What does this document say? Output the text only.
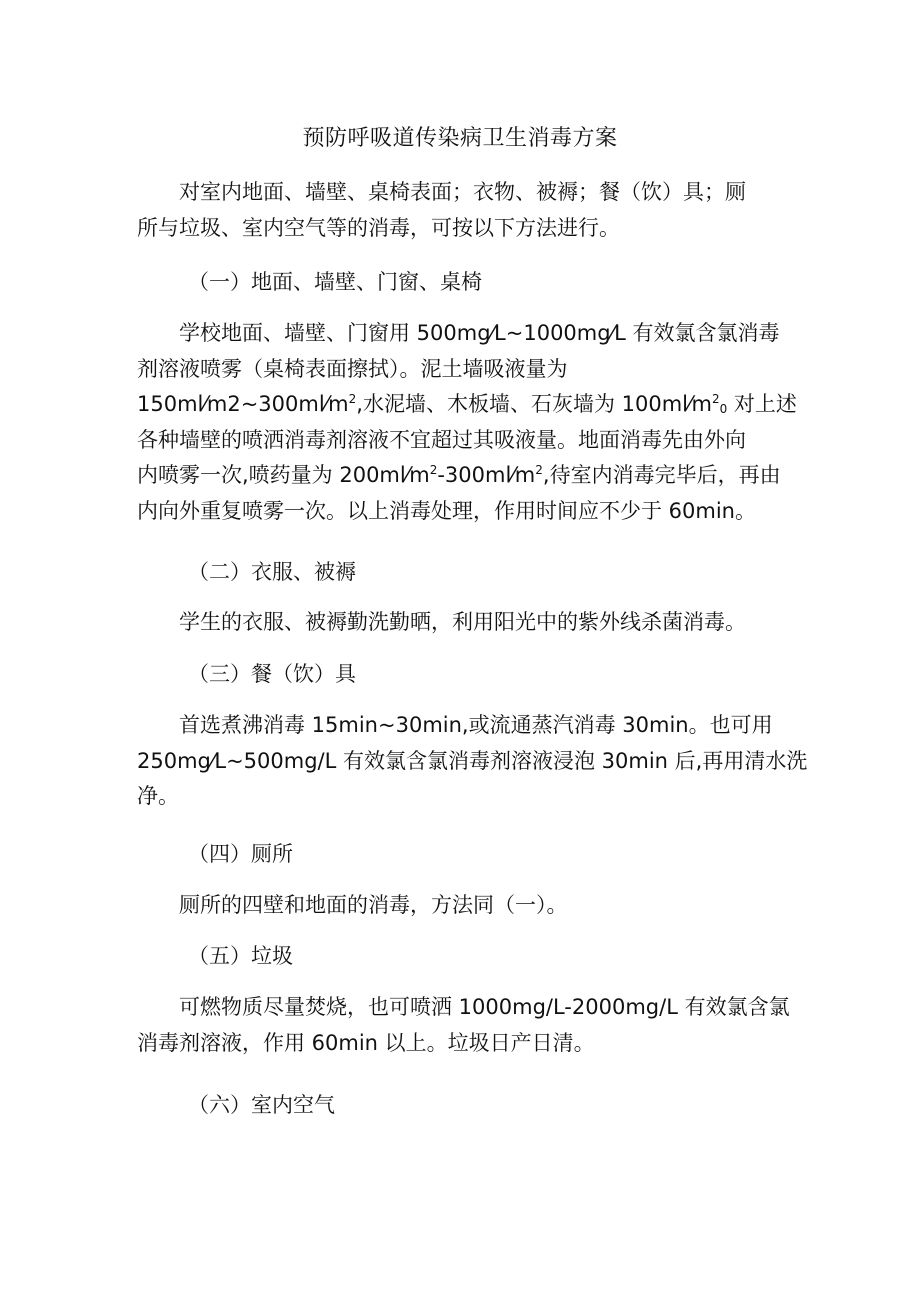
预防呼吸道传染病卫生消毒方案

对室内地面、墙壁、桌椅表面；衣物、被褥；餐（饮）具；厕
所与垃圾、室内空气等的消毒，可按以下方法进行。

（一）地面、墙壁、门窗、桌椅

学校地面、墙壁、门窗用 500mg⁄L~1000mg⁄L 有效氯含氯消毒
剂溶液喷雾（桌椅表面擦拭）。泥土墙吸液量为
$150ml⁄m2\sim 300ml⁄m^2$,水泥墙、木板墙、石灰墙为 $100ml⁄m^2_0$ 对上述
各种墙壁的喷洒消毒剂溶液不宜超过其吸液量。地面消毒先由外向
内喷雾一次,喷药量为 $200ml⁄m^2-300ml⁄m^2$,待室内消毒完毕后，再由
内向外重复喷雾一次。以上消毒处理，作用时间应不少于 60min。

（二）衣服、被褥

学生的衣服、被褥勤洗勤晒，利用阳光中的紫外线杀菌消毒。

（三）餐（饮）具

首选煮沸消毒 15min~30min,或流通蒸汽消毒 30min。也可用
250mg⁄L~500mg/L 有效氯含氯消毒剂溶液浸泡 30min 后,再用清水洗
净。

（四）厕所

厕所的四壁和地面的消毒，方法同（一）。

（五）垃圾

可燃物质尽量焚烧，也可喷洒 1000mg/L-2000mg/L 有效氯含氯
消毒剂溶液，作用 60min 以上。垃圾日产日清。

（六）室内空气
